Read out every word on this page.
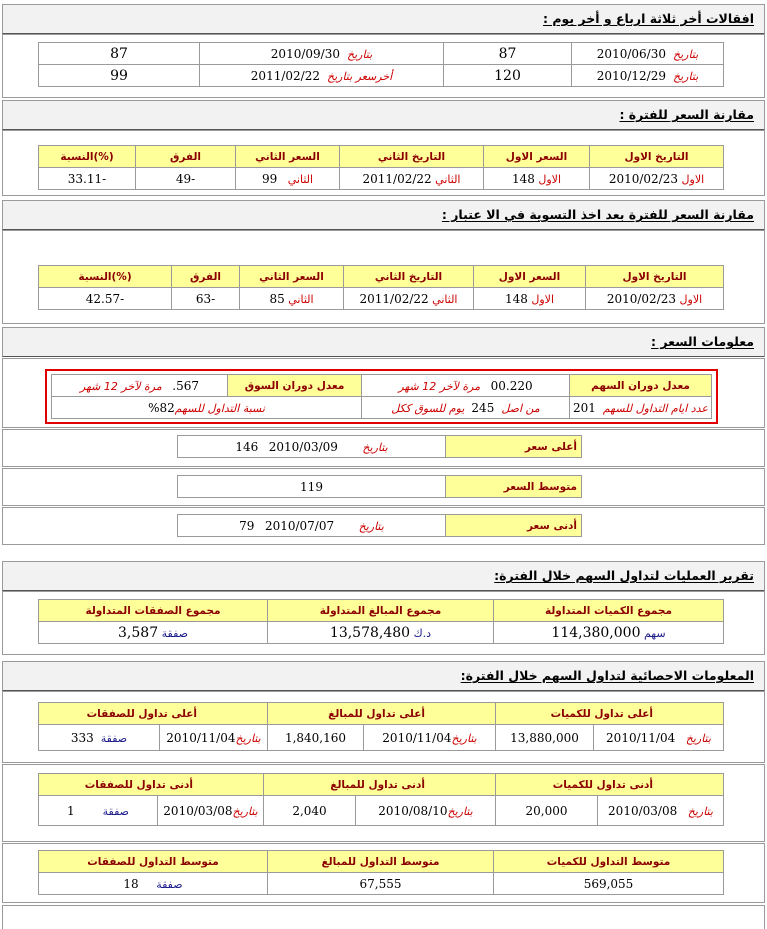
افقالات أخر ثلاثة ارباع و أخر يوم :
بتاريخ  2010/06/30	87	بتاريخ  2010/09/30	87
بتاريخ  2010/12/29	120	أخرسعر بتاريخ  2011/02/22	99
مقارنة السعر للفترة :
التاريخ الاول	السعر الاول	التاريخ الثاني	السعر الثاني	الفرق	(%)النسبة
الاول 2010/02/23	الاول 148	الثاني 2011/02/22	الثاني   99	-49	-33.11
مقارنة السعر للفترة بعد اخذ التسوية في الا عتبار :
التاريخ الاول	السعر الاول	التاريخ الثاني	السعر الثاني	الفرق	(%)النسبة
الاول 2010/02/23	الاول 148	الثاني 2011/02/22	الثاني 85	-63	-42.57
معلومات السعر :
معدل دوران السهم	00.220   مرة لآخر 12 شهر	معدل دوران السوق	567.   مرة لآخر 12 شهر
عدد ايام التداول للسهم  201	من اصل  245  يوم للسوق ككل	نسبة التداول للسهم82%	
أعلى سعر	بتاريخ       2010/03/09   146
متوسط السعر	119
أدنى سعر	بتاريخ       2010/07/07   79
تقرير العمليات لتداول السهم خلال الفترة:
مجموع الكميات المتداولة	مجموع المبالغ المتداولة	مجموع الصفقات المتداولة
سهم 114,380,000	د.ك 13,578,480	صفقة 3,587
المعلومات الاحصائية لتداول السهم خلال الفترة:
أعلى تداول للكميات		أعلى تداول للمبالغ		أعلى تداول للصفقات	
بتاريخ   2010/11/04	13,880,000	بتاريخ2010/11/04	1,840,160	بتاريخ2010/11/04	صفقة  333
أدنى تداول للكميات		أدنى تداول للمبالغ		أدنى تداول للصفقات	
بتاريخ   2010/03/08	20,000	بتاريخ2010/08/10	2,040	بتاريخ2010/03/08	صفقة        1
متوسط التداول للكميات	متوسط التداول للمبالغ	متوسط التداول للصفقات
569,055	67,555	صفقة     18
